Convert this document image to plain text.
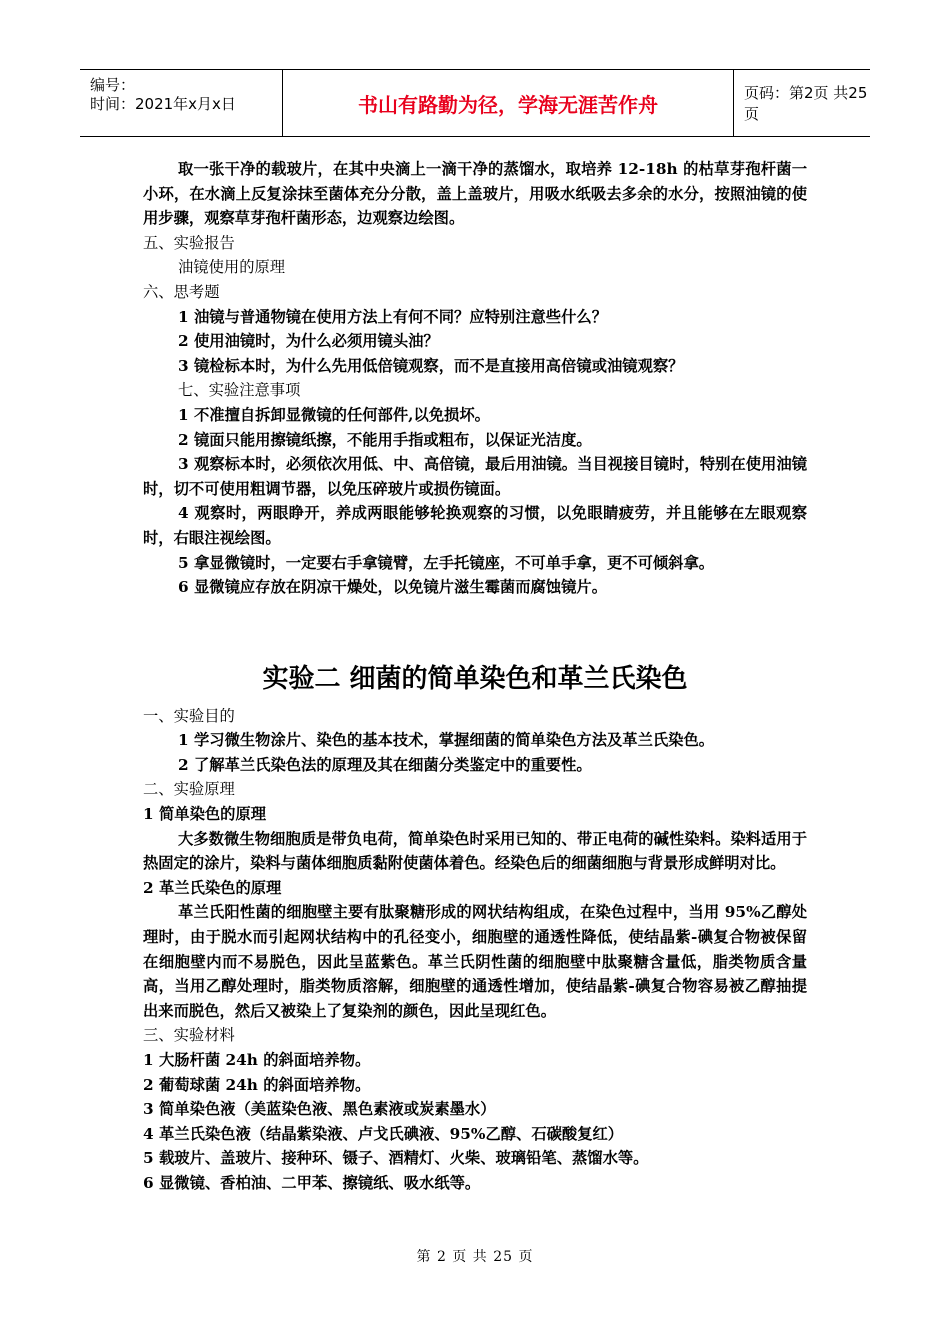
编号：
时间：2021年x月x日	书山有路勤为径，学海无涯苦作舟	页码：第2页 共25页

取一张干净的载玻片，在其中央滴上一滴干净的蒸馏水，取培养 12-18h 的枯草芽孢杆菌一小环，在水滴上反复涂抹至菌体充分分散，盖上盖玻片，用吸水纸吸去多余的水分，按照油镜的使用步骤，观察草芽孢杆菌形态，边观察边绘图。

五、实验报告

油镜使用的原理

六、思考题

1 油镜与普通物镜在使用方法上有何不同？应特别注意些什么？

2 使用油镜时，为什么必须用镜头油？

3 镜检标本时，为什么先用低倍镜观察，而不是直接用高倍镜或油镜观察？

七、实验注意事项

1 不准擅自拆卸显微镜的任何部件,以免损坏。

2 镜面只能用擦镜纸擦，不能用手指或粗布，以保证光洁度。

3 观察标本时，必须依次用低、中、高倍镜，最后用油镜。当目视接目镜时，特别在使用油镜时，切不可使用粗调节器，以免压碎玻片或损伤镜面。

4 观察时，两眼睁开，养成两眼能够轮换观察的习惯，以免眼睛疲劳，并且能够在左眼观察时，右眼注视绘图。

5 拿显微镜时，一定要右手拿镜臂，左手托镜座，不可单手拿，更不可倾斜拿。

6 显微镜应存放在阴凉干燥处，以免镜片滋生霉菌而腐蚀镜片。

实验二 细菌的简单染色和革兰氏染色

一、实验目的

1 学习微生物涂片、染色的基本技术，掌握细菌的简单染色方法及革兰氏染色。

2 了解革兰氏染色法的原理及其在细菌分类鉴定中的重要性。

二、实验原理

1 简单染色的原理

大多数微生物细胞质是带负电荷，简单染色时采用已知的、带正电荷的碱性染料。染料适用于热固定的涂片，染料与菌体细胞质黏附使菌体着色。经染色后的细菌细胞与背景形成鲜明对比。

2 革兰氏染色的原理

革兰氏阳性菌的细胞壁主要有肽聚糖形成的网状结构组成，在染色过程中，当用 95%乙醇处理时，由于脱水而引起网状结构中的孔径变小，细胞壁的通透性降低，使结晶紫-碘复合物被保留在细胞壁内而不易脱色，因此呈蓝紫色。革兰氏阴性菌的细胞壁中肽聚糖含量低，脂类物质含量高，当用乙醇处理时，脂类物质溶解，细胞壁的通透性增加，使结晶紫-碘复合物容易被乙醇抽提出来而脱色，然后又被染上了复染剂的颜色，因此呈现红色。

三、实验材料

1 大肠杆菌 24h 的斜面培养物。

2 葡萄球菌 24h 的斜面培养物。

3 简单染色液（美蓝染色液、黑色素液或炭素墨水）

4 革兰氏染色液（结晶紫染液、卢戈氏碘液、95%乙醇、石碳酸复红）

5 载玻片、盖玻片、接种环、镊子、酒精灯、火柴、玻璃铅笔、蒸馏水等。

6 显微镜、香柏油、二甲苯、擦镜纸、吸水纸等。

第 2 页 共 25 页
